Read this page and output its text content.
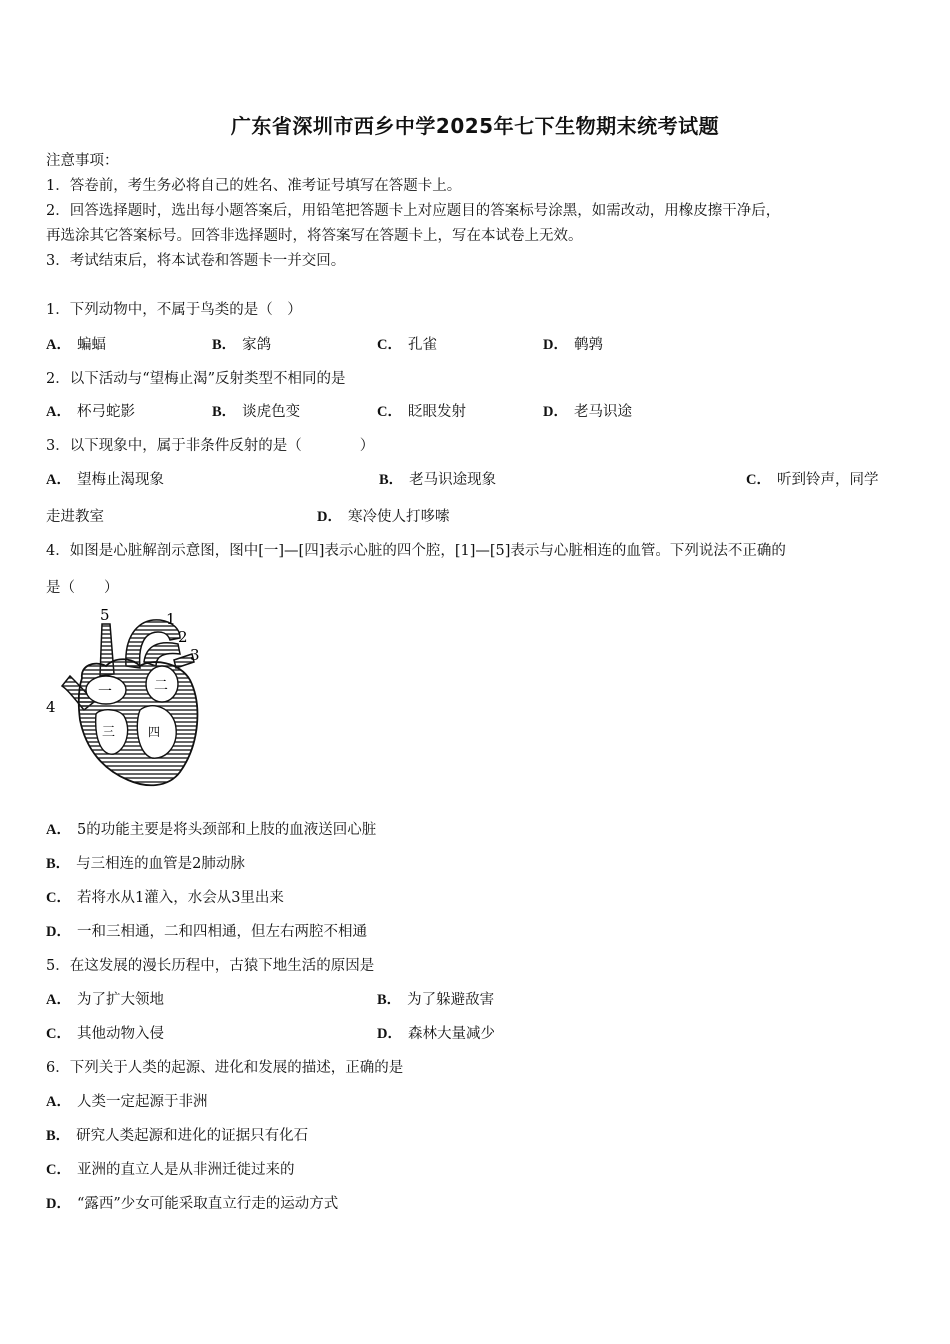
广东省深圳市西乡中学2025年七下生物期末统考试题
注意事项：
1．答卷前，考生务必将自己的姓名、准考证号填写在答题卡上。
2．回答选择题时，选出每小题答案后，用铅笔把答题卡上对应题目的答案标号涂黑，如需改动，用橡皮擦干净后，
再选涂其它答案标号。回答非选择题时，将答案写在答题卡上，写在本试卷上无效。
3．考试结束后，将本试卷和答题卡一并交回。
1．下列动物中，不属于鸟类的是（　）
A． 蝙蝠	B． 家鸽	C． 孔雀	D． 鹌鹑
2．以下活动与“望梅止渴”反射类型不相同的是
A． 杯弓蛇影	B． 谈虎色变	C． 眨眼发射	D． 老马识途
3．以下现象中，属于非条件反射的是（　　　　）
A． 望梅止渴现象	B． 老马识途现象	C． 听到铃声，同学
走进教室	D． 寒冷使人打哆嗦
4．如图是心脏解剖示意图，图中[一]—[四]表示心脏的四个腔，[1]—[5]表示与心脏相连的血管。下列说法不正确的
是（　　）
5	1
2
3
4
一	二
三	四
A． 5的功能主要是将头颈部和上肢的血液送回心脏
B． 与三相连的血管是2肺动脉
C． 若将水从1灌入，水会从3里出来
D． 一和三相通，二和四相通，但左右两腔不相通
5．在这发展的漫长历程中，古猿下地生活的原因是
A． 为了扩大领地	B． 为了躲避敌害
C． 其他动物入侵	D． 森林大量减少
6．下列关于人类的起源、进化和发展的描述，正确的是
A． 人类一定起源于非洲
B． 研究人类起源和进化的证据只有化石
C． 亚洲的直立人是从非洲迁徙过来的
D． “露西”少女可能采取直立行走的运动方式
